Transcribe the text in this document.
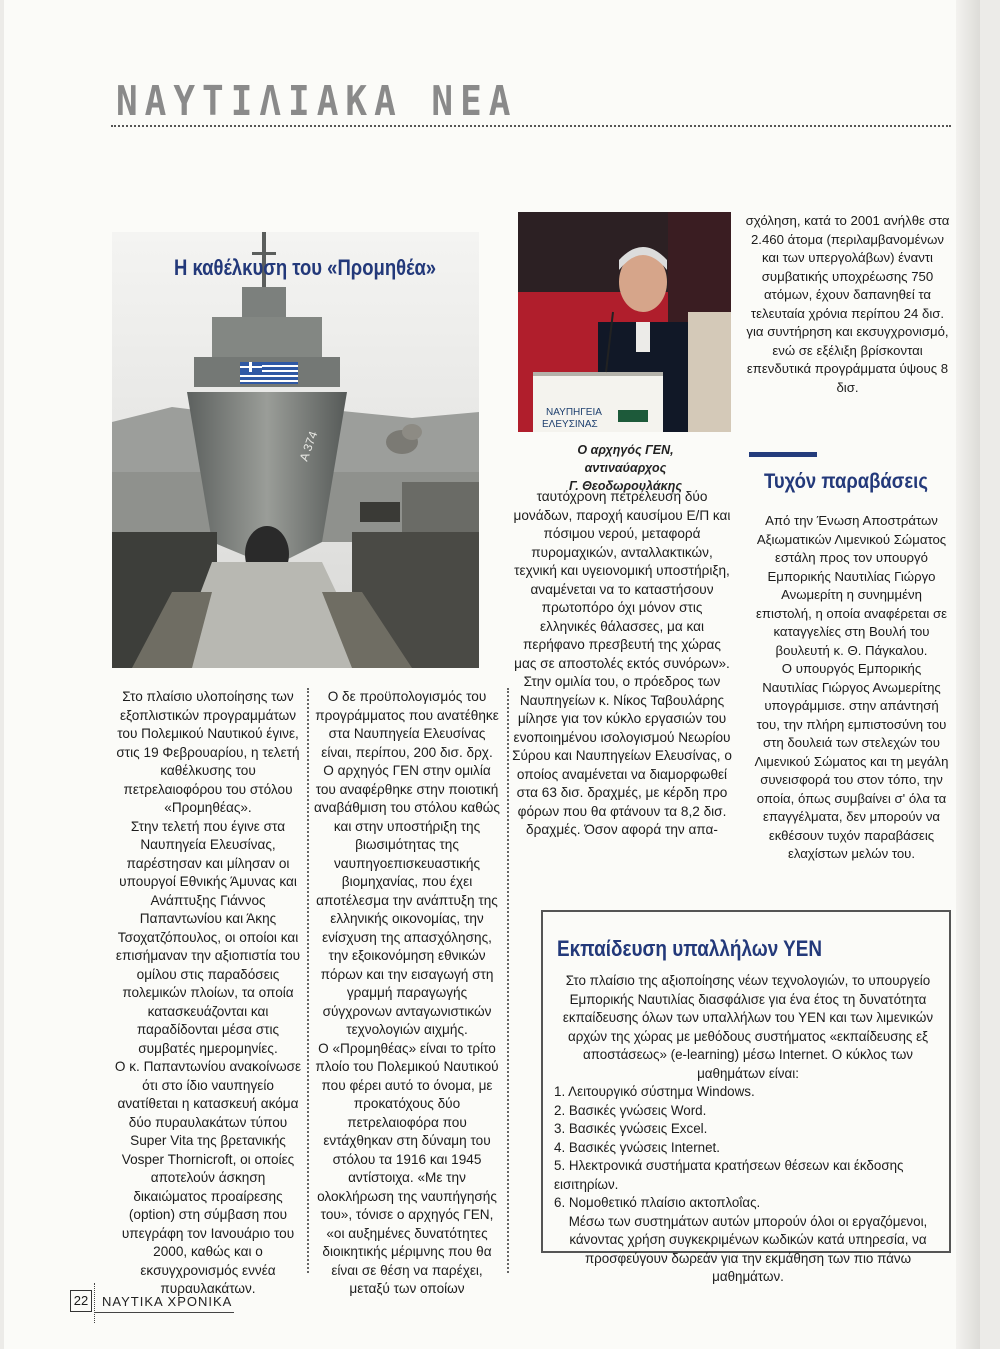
ΝΑΥΤΙΛΙΑΚΑ ΝΕΑ
A 374
Η καθέλκυση του «Προμηθέα»
ΝΑΥΠΗΓΕΙΑ
ΕΛΕΥΣΙΝΑΣ
Ο αρχηγός ΓΕΝ, αντιναύαρχος
Γ. Θεοδωρουλάκης

σχόληση, κατά το 2001 ανήλθε στα 2.460 άτομα (περιλαμβανομένων και των υπεργολάβων) έναντι συμβατικής υποχρέωσης 750 ατόμων, έχουν δαπανηθεί τα τελευταία χρόνια περίπου 24 δισ. για συντήρηση και εκσυγχρονισμό, ενώ σε εξέλιξη βρίσκονται επενδυτικά προγράμματα ύψους 8 δισ.

Στο πλαίσιο υλοποίησης των εξοπλιστικών προγραμμάτων του Πολεμικού Ναυτικού έγινε, στις 19 Φεβρουαρίου, η τελετή καθέλκυσης του πετρελαιοφόρου του στόλου «Προμηθέας».

Στην τελετή που έγινε στα Ναυπηγεία Ελευσίνας, παρέστησαν και μίλησαν οι υπουργοί Εθνικής Άμυνας και Ανάπτυξης Γιάννος Παπαντωνίου και Άκης Τσοχατζόπουλος, οι οποίοι και επισήμαναν την αξιοπιστία του ομίλου στις παραδόσεις πολεμικών πλοίων, τα οποία κατασκευάζονται και παραδίδονται μέσα στις συμβατές ημερομηνίες.

Ο κ. Παπαντωνίου ανακοίνωσε ότι στο ίδιο ναυπηγείο ανατίθεται η κατασκευή ακόμα δύο πυραυλακάτων τύπου Super Vita της βρετανικής Vosper Thornicroft, οι οποίες αποτελούν άσκηση δικαιώματος προαίρεσης (option) στη σύμβαση που υπεγράφη τον Ιανουάριο του 2000, καθώς και ο εκσυγχρονισμός εννέα πυραυλακάτων.

Ο δε προϋπολογισμός του προγράμματος που ανατέθηκε στα Ναυπηγεία Ελευσίνας είναι, περίπου, 200 δισ. δρχ.

Ο αρχηγός ΓΕΝ στην ομιλία του αναφέρθηκε στην ποιοτική αναβάθμιση του στόλου καθώς και στην υποστήριξη της βιωσιμότητας της ναυπηγοεπισκευαστικής βιομηχανίας, που έχει αποτέλεσμα την ανάπτυξη της ελληνικής οικονομίας, την ενίσχυση της απασχόλησης, την εξοικονόμηση εθνικών πόρων και την εισαγωγή στη γραμμή παραγωγής σύγχρονων ανταγωνιστικών τεχνολογιών αιχμής.

Ο «Προμηθέας» είναι το τρίτο πλοίο του Πολεμικού Ναυτικού που φέρει αυτό το όνομα, με προκατόχους δύο πετρελαιοφόρα που εντάχθηκαν στη δύναμη του στόλου τα 1916 και 1945 αντίστοιχα. «Με την ολοκλήρωση της ναυπήγησής του», τόνισε ο αρχηγός ΓΕΝ, «οι αυξημένες δυνατότητες διοικητικής μέριμνης που θα είναι σε θέση να παρέχει, μεταξύ των οποίων

ταυτόχρονη πετρέλευση δύο μονάδων, παροχή καυσίμου Ε/Π και πόσιμου νερού, μεταφορά πυρομαχικών, ανταλλακτικών, τεχνική και υγειονομική υποστήριξη, αναμένεται να το καταστήσουν πρωτοπόρο όχι μόνον στις ελληνικές θάλασσες, μα και περήφανο πρεσβευτή της χώρας μας σε αποστολές εκτός συνόρων».

Στην ομιλία του, ο πρόεδρος των Ναυπηγείων κ. Νίκος Ταβουλάρης μίλησε για τον κύκλο εργασιών του ενοποιημένου ισολογισμού Νεωρίου Σύρου και Ναυπηγείων Ελευσίνας, ο οποίος αναμένεται να διαμορφωθεί στα 63 δισ. δραχμές, με κέρδη προ φόρων που θα φτάνουν τα 8,2 δισ. δραχμές. Όσον αφορά την απα-

Τυχόν παραβάσεις

Από την Ένωση Αποστράτων Αξιωματικών Λιμενικού Σώματος εστάλη προς τον υπουργό Εμπορικής Ναυτιλίας Γιώργο Ανωμερίτη η συνημμένη επιστολή, η οποία αναφέρεται σε καταγγελίες στη Βουλή του βουλευτή κ. Θ. Πάγκαλου.

Ο υπουργός Εμπορικής Ναυτιλίας Γιώργος Ανωμερίτης υπογράμμισε. στην απάντησή του, την πλήρη εμπιστοσύνη του στη δουλειά των στελεχών του Λιμενικού Σώματος και τη μεγάλη συνεισφορά του στον τόπο, την οποία, όπως συμβαίνει σ' όλα τα επαγγέλματα, δεν μπορούν να εκθέσουν τυχόν παραβάσεις ελαχίστων μελών του.

Εκπαίδευση υπαλλήλων ΥΕΝ

Στο πλαίσιο της αξιοποίησης νέων τεχνολογιών, το υπουργείο Εμπορικής Ναυτιλίας διασφάλισε για ένα έτος τη δυνατότητα εκπαίδευσης όλων των υπαλλήλων του ΥΕΝ και των λιμενικών αρχών της χώρας με μεθόδους συστήματος «εκπαίδευσης εξ αποστάσεως» (e-learning) μέσω Internet. Ο κύκλος των μαθημάτων είναι:

1. Λειτουργικό σύστημα Windows.
2. Βασικές γνώσεις Word.
3. Βασικές γνώσεις Excel.
4. Βασικές γνώσεις Internet.
5. Ηλεκτρονικά συστήματα κρατήσεων θέσεων και έκδοσης εισιτηρίων.
6. Νομοθετικό πλαίσιο ακτοπλοΐας.

Μέσω των συστημάτων αυτών μπορούν όλοι οι εργαζόμενοι, κάνοντας χρήση συγκεκριμένων κωδικών κατά υπηρεσία, να προσφεύγουν δωρεάν για την εκμάθηση των πιο πάνω μαθημάτων.

22 ΝΑΥΤΙΚΑ ΧΡΟΝΙΚΑ
